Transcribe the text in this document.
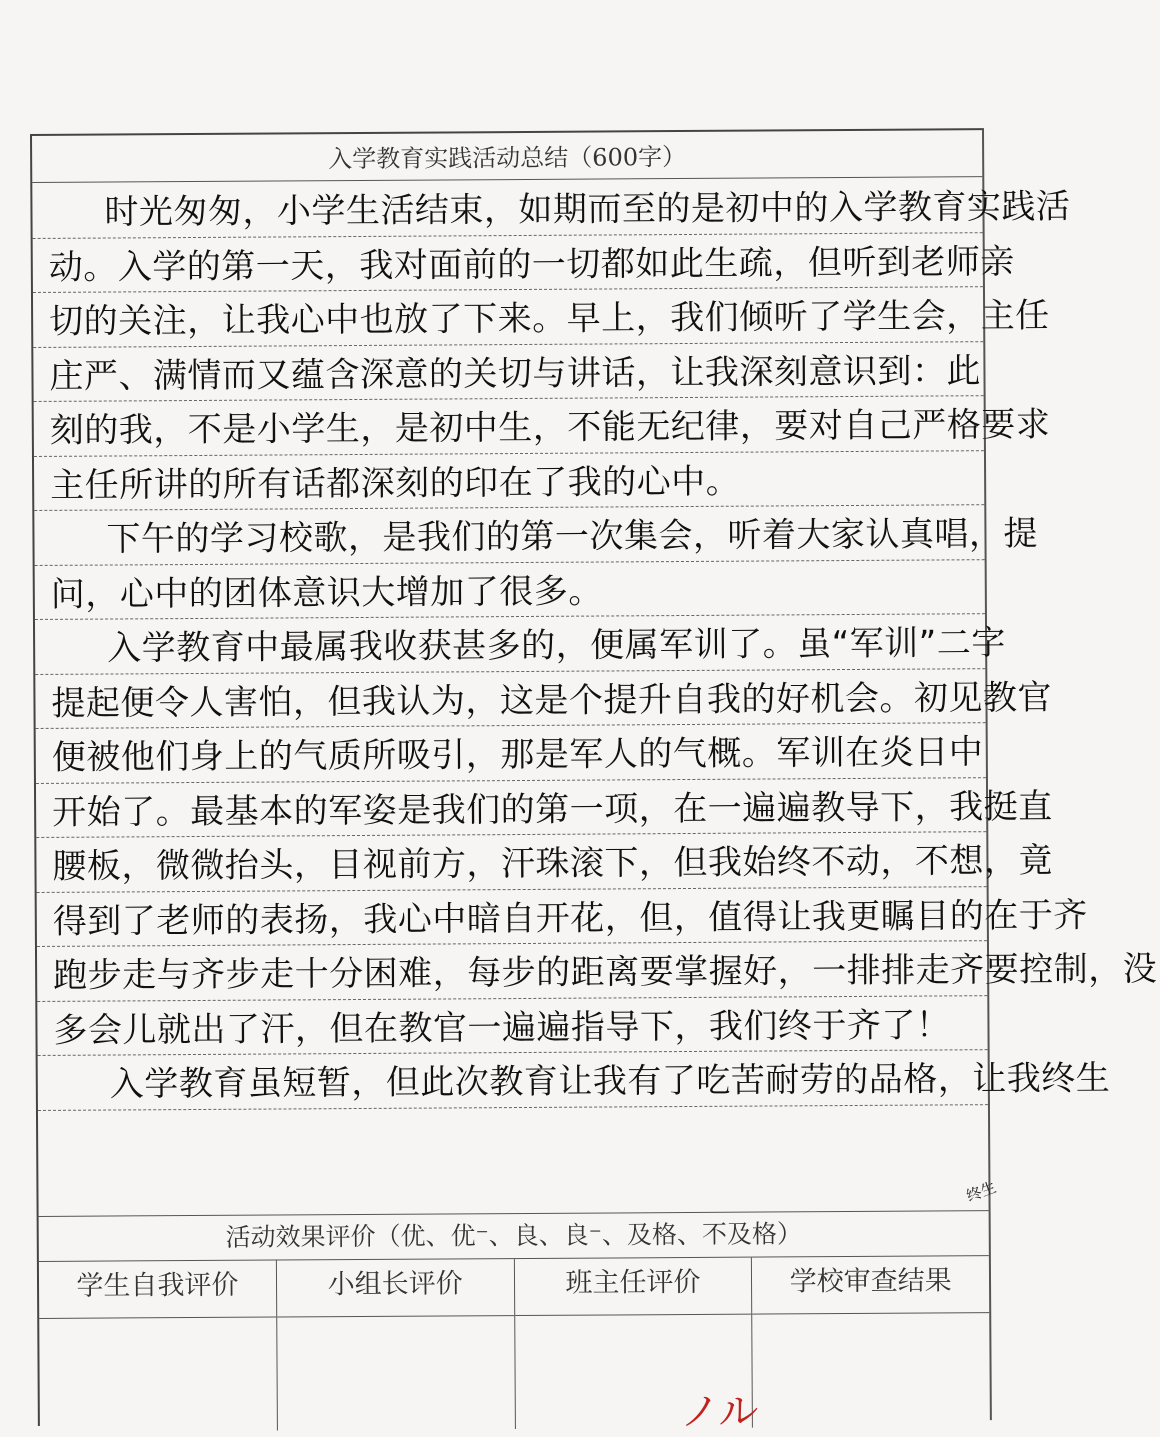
入学教育实践活动总结（600字）
时光匆匆，小学生活结束，如期而至的是初中的入学教育实践活
动。入学的第一天，我对面前的一切都如此生疏，但听到老师亲
切的关注，让我心中也放了下来。早上，我们倾听了学生会，主任
庄严、满情而又蕴含深意的关切与讲话，让我深刻意识到：此
刻的我，不是小学生，是初中生，不能无纪律，要对自己严格要求
主任所讲的所有话都深刻的印在了我的心中。
下午的学习校歌，是我们的第一次集会，听着大家认真唱，提
问，心中的团体意识大增加了很多。
入学教育中最属我收获甚多的，便属军训了。虽“军训”二字
提起便令人害怕，但我认为，这是个提升自我的好机会。初见教官
便被他们身上的气质所吸引，那是军人的气概。军训在炎日中
开始了。最基本的军姿是我们的第一项，在一遍遍教导下，我挺直
腰板，微微抬头，目视前方，汗珠滚下，但我始终不动，不想，竟
得到了老师的表扬，我心中暗自开花，但，值得让我更瞩目的在于齐
跑步走与齐步走十分困难，每步的距离要掌握好，一排排走齐要控制，没
多会儿就出了汗，但在教官一遍遍指导下，我们终于齐了！
入学教育虽短暂，但此次教育让我有了吃苦耐劳的品格，让我终生
活动效果评价（优、优⁻、良、良⁻、及格、不及格）
学生自我评价	小组长评价	班主任评价	学校审查结果
终生
ノル
